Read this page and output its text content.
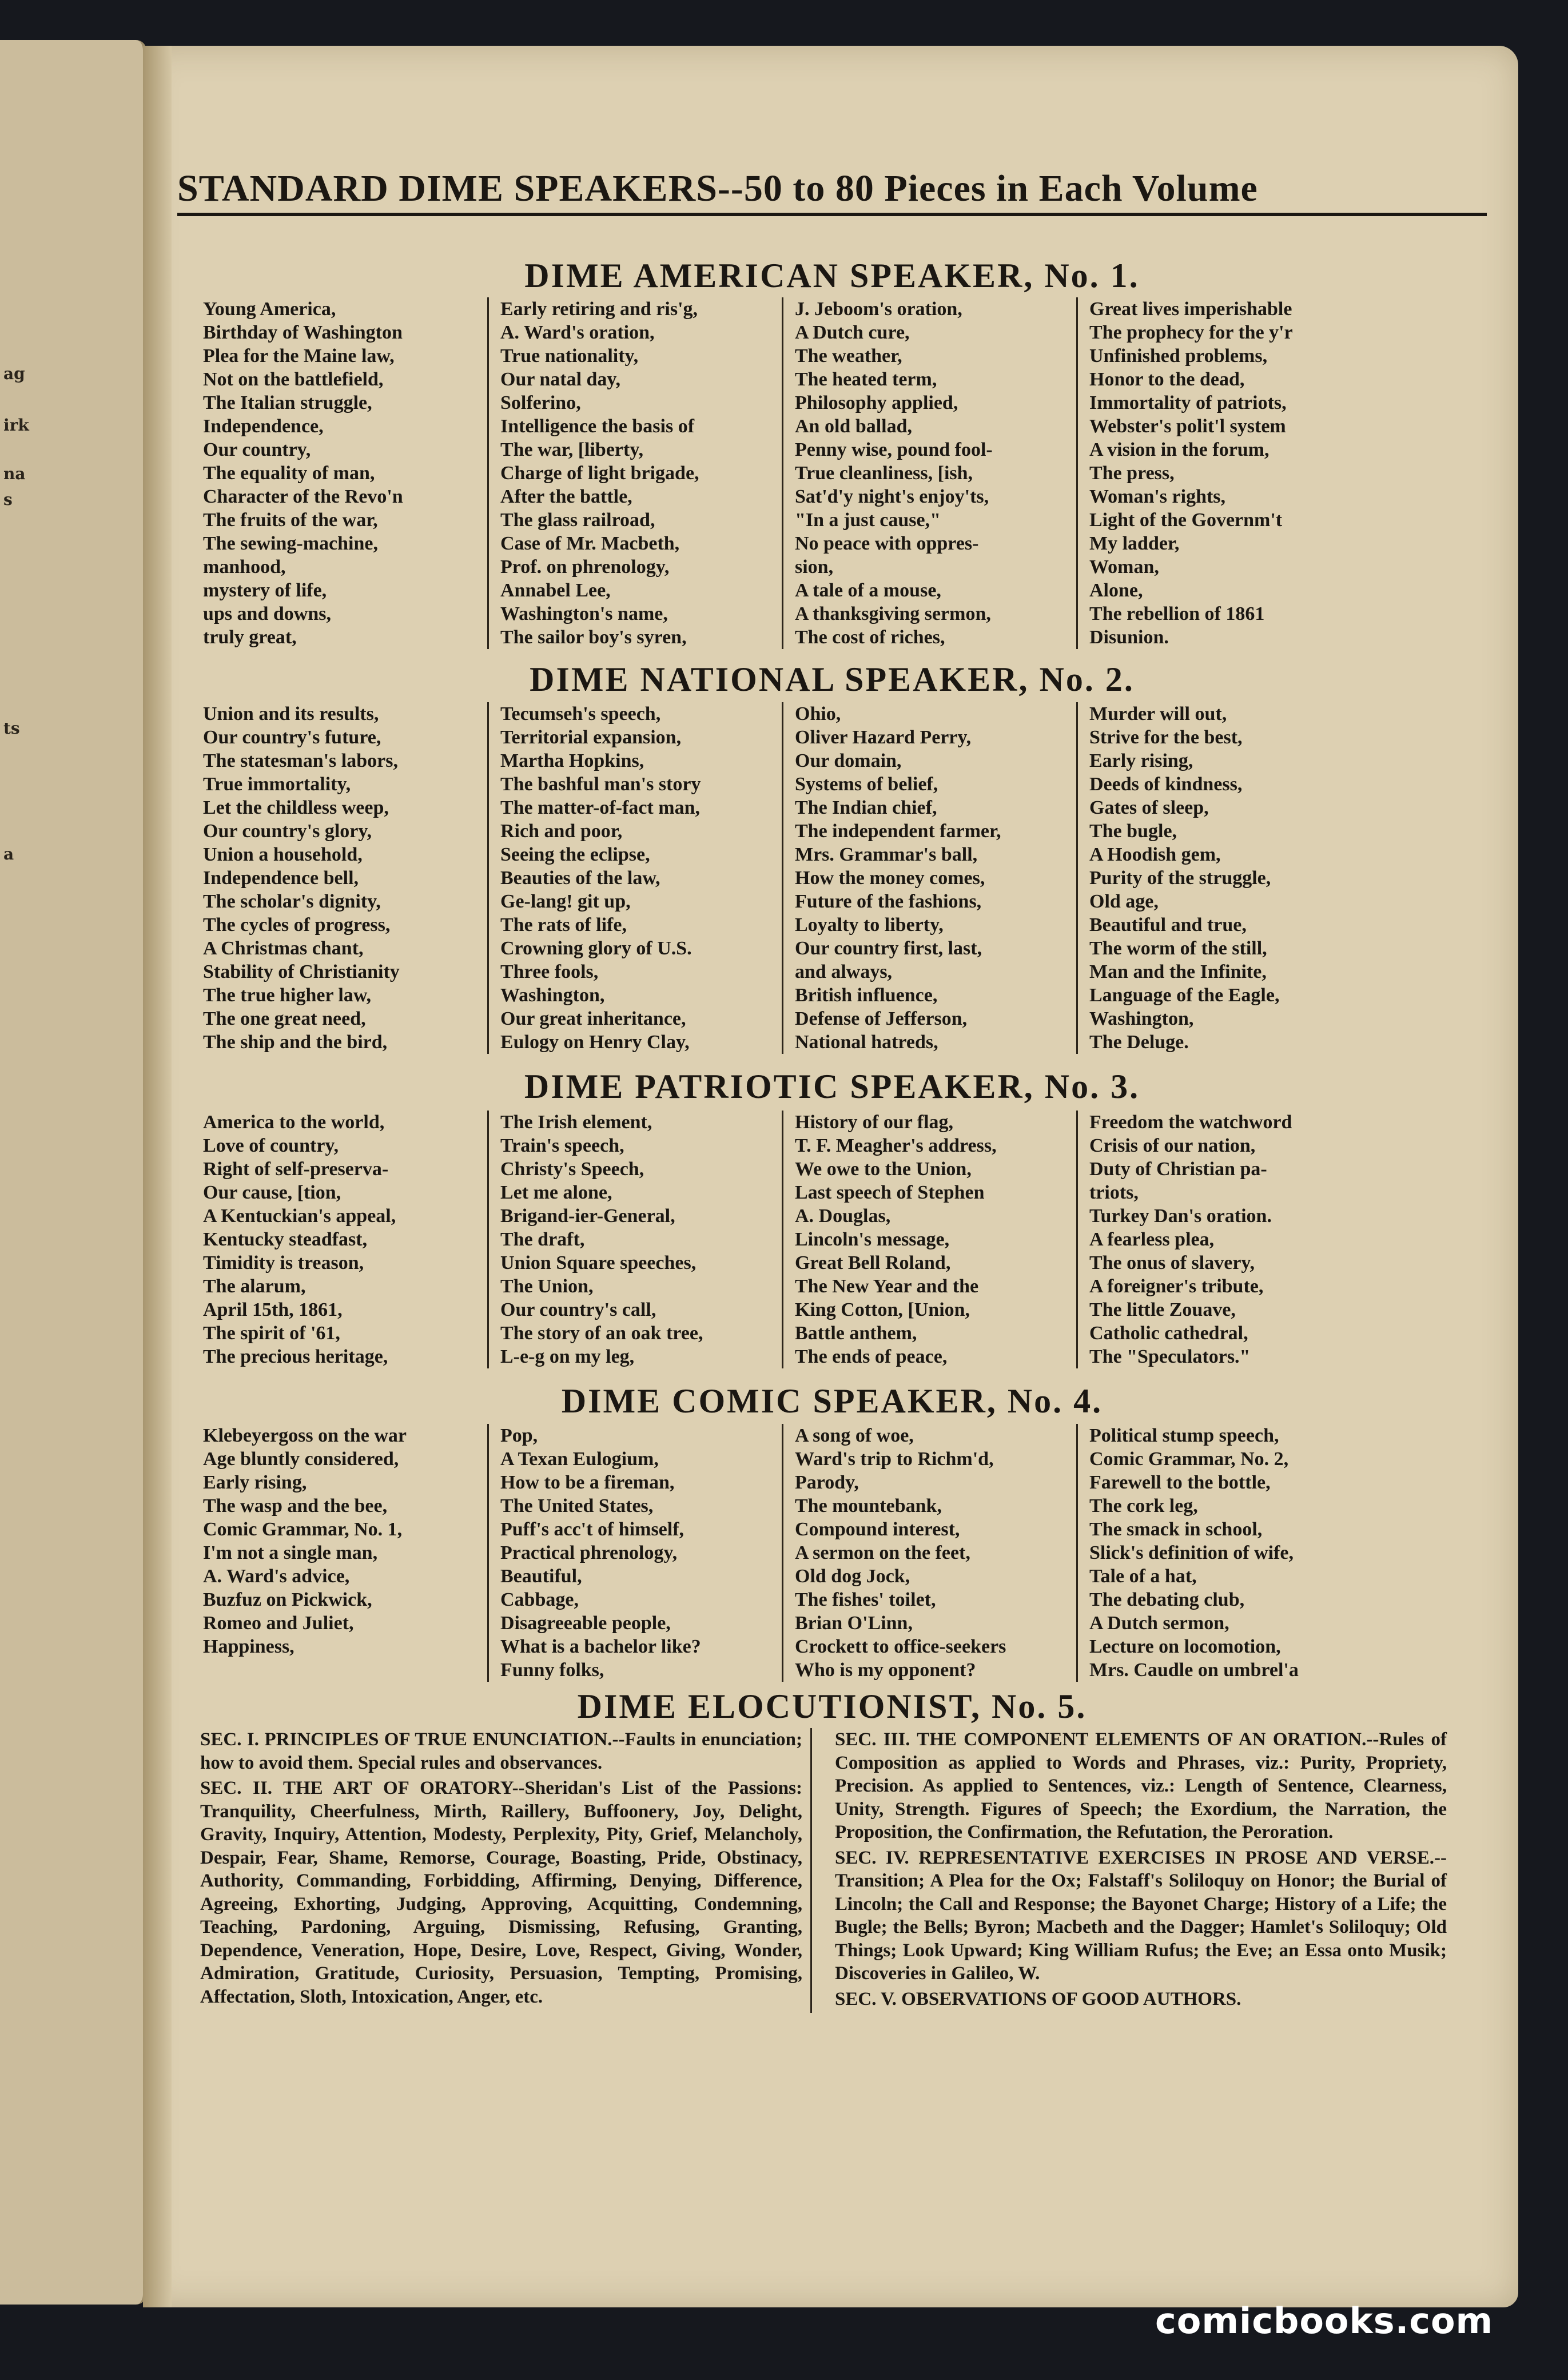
ag
irk
na
s
ts
a
STANDARD DIME SPEAKERS--50 to 80 Pieces in Each Volume
DIME AMERICAN SPEAKER, No. 1.
Young America,
Birthday of Washington
Plea for the Maine law,
Not on the battlefield,
The Italian struggle,
Independence,
Our country,
The equality of man,
Character of the Revo'n
The fruits of the war,
The sewing-machine,
manhood,
mystery of life,
ups and downs,
truly great,
Early retiring and ris'g,
A. Ward's oration,
True nationality,
Our natal day,
Solferino,
Intelligence the basis of
The war, [liberty,
Charge of light brigade,
After the battle,
The glass railroad,
Case of Mr. Macbeth,
Prof. on phrenology,
Annabel Lee,
Washington's name,
The sailor boy's syren,
J. Jeboom's oration,
A Dutch cure,
The weather,
The heated term,
Philosophy applied,
An old ballad,
Penny wise, pound fool-
True cleanliness, [ish,
Sat'd'y night's enjoy'ts,
"In a just cause,"
No peace with oppres-
sion,
A tale of a mouse,
A thanksgiving sermon,
The cost of riches,
Great lives imperishable
The prophecy for the y'r
Unfinished problems,
Honor to the dead,
Immortality of patriots,
Webster's polit'l system
A vision in the forum,
The press,
Woman's rights,
Light of the Governm't
My ladder,
Woman,
Alone,
The rebellion of 1861
Disunion.
DIME NATIONAL SPEAKER, No. 2.
Union and its results,
Our country's future,
The statesman's labors,
True immortality,
Let the childless weep,
Our country's glory,
Union a household,
Independence bell,
The scholar's dignity,
The cycles of progress,
A Christmas chant,
Stability of Christianity
The true higher law,
The one great need,
The ship and the bird,
Tecumseh's speech,
Territorial expansion,
Martha Hopkins,
The bashful man's story
The matter-of-fact man,
Rich and poor,
Seeing the eclipse,
Beauties of the law,
Ge-lang! git up,
The rats of life,
Crowning glory of U.S.
Three fools,
Washington,
Our great inheritance,
Eulogy on Henry Clay,
Ohio,
Oliver Hazard Perry,
Our domain,
Systems of belief,
The Indian chief,
The independent farmer,
Mrs. Grammar's ball,
How the money comes,
Future of the fashions,
Loyalty to liberty,
Our country first, last,
and always,
British influence,
Defense of Jefferson,
National hatreds,
Murder will out,
Strive for the best,
Early rising,
Deeds of kindness,
Gates of sleep,
The bugle,
A Hoodish gem,
Purity of the struggle,
Old age,
Beautiful and true,
The worm of the still,
Man and the Infinite,
Language of the Eagle,
Washington,
The Deluge.
DIME PATRIOTIC SPEAKER, No. 3.
America to the world,
Love of country,
Right of self-preserva-
Our cause, [tion,
A Kentuckian's appeal,
Kentucky steadfast,
Timidity is treason,
The alarum,
April 15th, 1861,
The spirit of '61,
The precious heritage,
The Irish element,
Train's speech,
Christy's Speech,
Let me alone,
Brigand-ier-General,
The draft,
Union Square speeches,
The Union,
Our country's call,
The story of an oak tree,
L-e-g on my leg,
History of our flag,
T. F. Meagher's address,
We owe to the Union,
Last speech of Stephen
A. Douglas,
Lincoln's message,
Great Bell Roland,
The New Year and the
King Cotton, [Union,
Battle anthem,
The ends of peace,
Freedom the watchword
Crisis of our nation,
Duty of Christian pa-
triots,
Turkey Dan's oration.
A fearless plea,
The onus of slavery,
A foreigner's tribute,
The little Zouave,
Catholic cathedral,
The "Speculators."
DIME COMIC SPEAKER, No. 4.
Klebeyergoss on the war
Age bluntly considered,
Early rising,
The wasp and the bee,
Comic Grammar, No. 1,
I'm not a single man,
A. Ward's advice,
Buzfuz on Pickwick,
Romeo and Juliet,
Happiness,
Pop,
A Texan Eulogium,
How to be a fireman,
The United States,
Puff's acc't of himself,
Practical phrenology,
Beautiful,
Cabbage,
Disagreeable people,
What is a bachelor like?
Funny folks,
A song of woe,
Ward's trip to Richm'd,
Parody,
The mountebank,
Compound interest,
A sermon on the feet,
Old dog Jock,
The fishes' toilet,
Brian O'Linn,
Crockett to office-seekers
Who is my opponent?
Political stump speech,
Comic Grammar, No. 2,
Farewell to the bottle,
The cork leg,
The smack in school,
Slick's definition of wife,
Tale of a hat,
The debating club,
A Dutch sermon,
Lecture on locomotion,
Mrs. Caudle on umbrel'a
DIME ELOCUTIONIST, No. 5.

SEC. I. PRINCIPLES OF TRUE ENUNCIATION.--Faults in enunciation; how to avoid them. Special rules and observances.

SEC. II. THE ART OF ORATORY--Sheridan's List of the Passions: Tranquility, Cheerfulness, Mirth, Raillery, Buffoonery, Joy, Delight, Gravity, Inquiry, Attention, Modesty, Perplexity, Pity, Grief, Melancholy, Despair, Fear, Shame, Remorse, Courage, Boasting, Pride, Obstinacy, Authority, Commanding, Forbidding, Affirming, Denying, Difference, Agreeing, Exhorting, Judging, Approving, Acquitting, Condemning, Teaching, Pardoning, Arguing, Dismissing, Refusing, Granting, Dependence, Veneration, Hope, Desire, Love, Respect, Giving, Wonder, Admiration, Gratitude, Curiosity, Persuasion, Tempting, Promising, Affectation, Sloth, Intoxication, Anger, etc.

SEC. III. THE COMPONENT ELEMENTS OF AN ORATION.--Rules of Composition as applied to Words and Phrases, viz.: Purity, Propriety, Precision. As applied to Sentences, viz.: Length of Sentence, Clearness, Unity, Strength. Figures of Speech; the Exordium, the Narration, the Proposition, the Confirmation, the Refutation, the Peroration.

SEC. IV. REPRESENTATIVE EXERCISES IN PROSE AND VERSE.--Transition; A Plea for the Ox; Falstaff's Soliloquy on Honor; the Burial of Lincoln; the Call and Response; the Bayonet Charge; History of a Life; the Bugle; the Bells; Byron; Macbeth and the Dagger; Hamlet's Soliloquy; Old Things; Look Upward; King William Rufus; the Eve; an Essa onto Musik; Discoveries in Galileo, W.

SEC. V. OBSERVATIONS OF GOOD AUTHORS.

comicbooks.com
